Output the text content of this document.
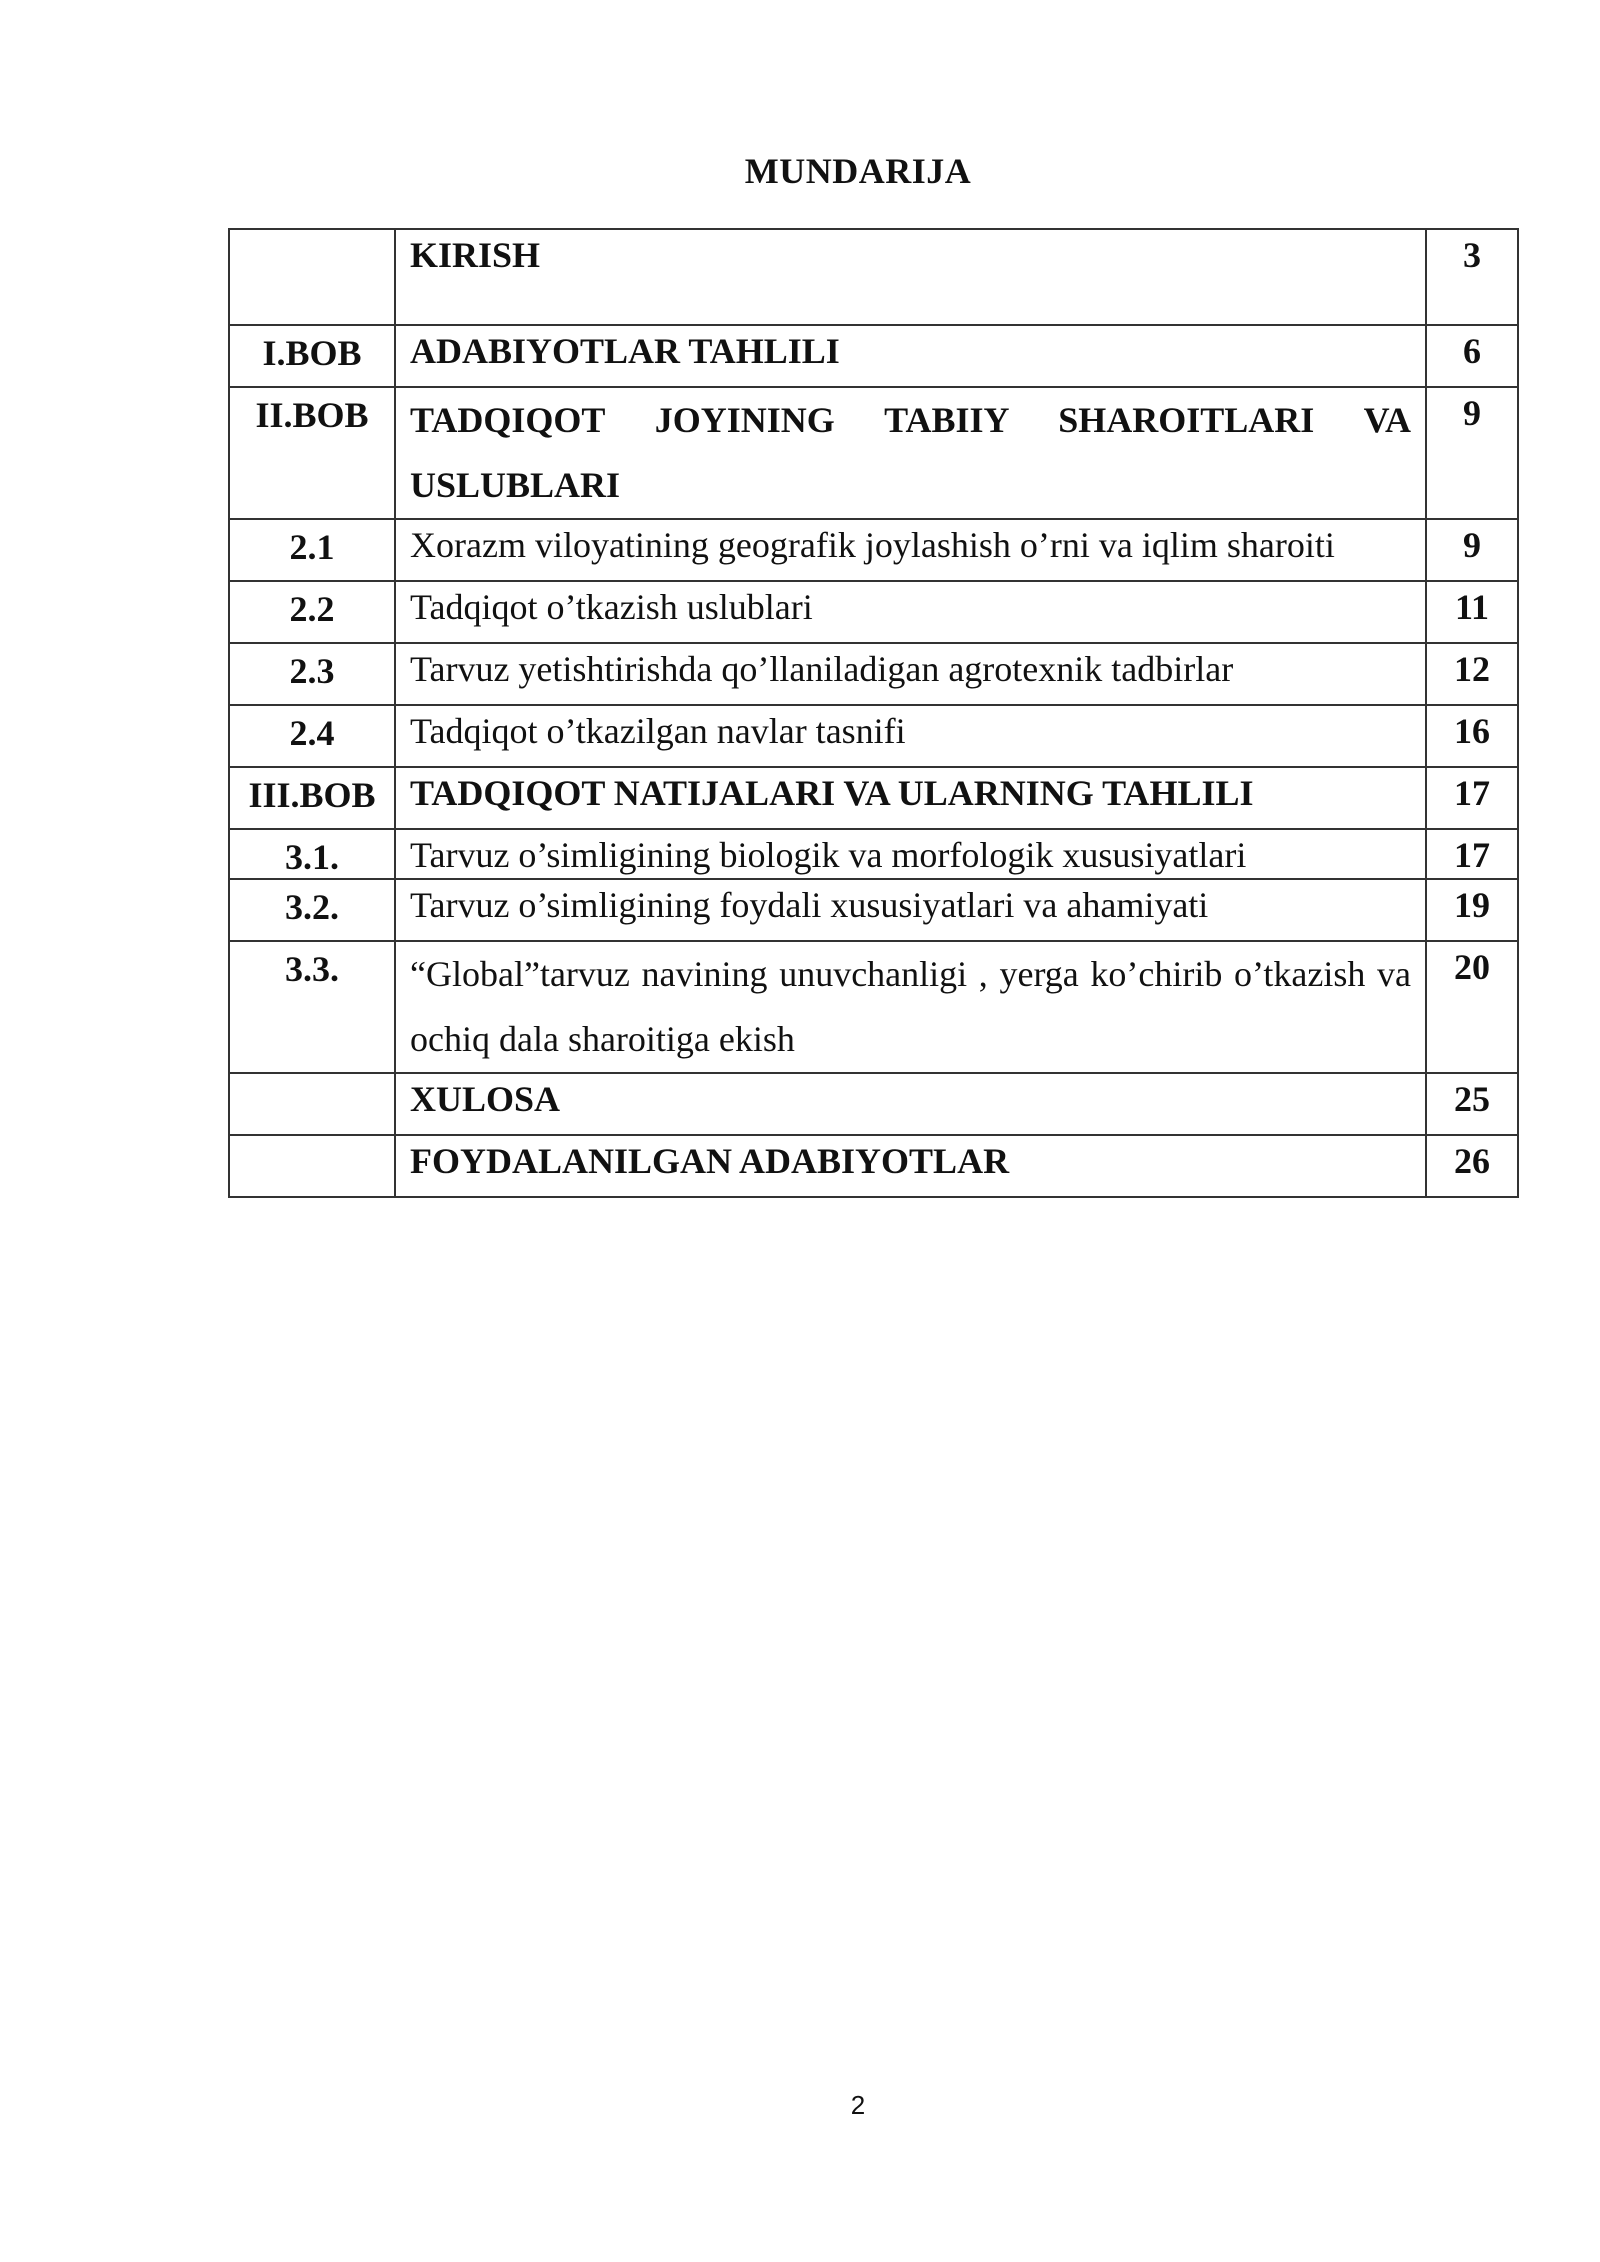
MUNDARIJA

	KIRISH	3

I.BOB	ADABIYOTLAR TAHLILI	6

II.BOB	TADQIQOT JOYINING TABIIY SHAROITLARI VA USLUBLARI	9

2.1	Xorazm viloyatining geografik joylashish o’rni va iqlim sharoiti	9

2.2	Tadqiqot o’tkazish uslublari	11

2.3	Tarvuz yetishtirishda qo’llaniladigan agrotexnik tadbirlar	12

2.4	Tadqiqot o’tkazilgan navlar tasnifi	16

III.BOB	TADQIQOT NATIJALARI VA ULARNING TAHLILI	17

3.1.	Tarvuz o’simligining biologik va morfologik xususiyatlari	17

3.2.	Tarvuz o’simligining foydali xususiyatlari va ahamiyati	19

3.3.	“Global”tarvuz navining unuvchanligi , yerga ko’chirib o’tkazish va ochiq dala sharoitiga ekish	20

	XULOSA	25

	FOYDALANILGAN ADABIYOTLAR	26
2
